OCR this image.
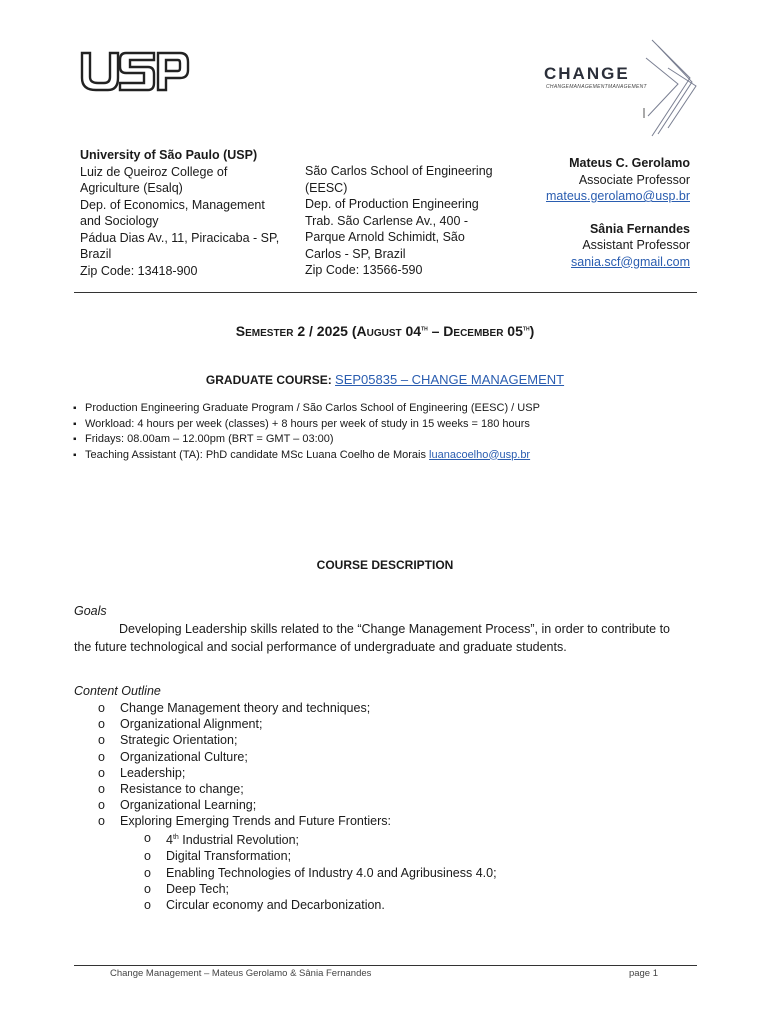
CHANGE
CHANGEMANAGEMENTMANAGEMENT
University of São Paulo (USP)
Luiz de Queiroz College of
Agriculture (Esalq)
Dep. of Economics, Management
and Sociology
Pádua Dias Av., 11, Piracicaba - SP,
Brazil
Zip Code: 13418-900
São Carlos School of Engineering
(EESC)
Dep. of Production Engineering
Trab. São Carlense Av., 400 -
Parque Arnold Schimidt, São
Carlos - SP, Brazil
Zip Code: 13566-590
Mateus C. Gerolamo
Associate Professor
mateus.gerolamo@usp.br
Sânia Fernandes
Assistant Professor
sania.scf@gmail.com
Semester 2 / 2025 (August 04th – December 05th)
GRADUATE COURSE: SEP05835 – CHANGE MANAGEMENT
▪ Production Engineering Graduate Program / São Carlos School of Engineering (EESC) / USP
▪ Workload: 4 hours per week (classes) + 8 hours per week of study in 15 weeks = 180 hours
▪ Fridays: 08.00am – 12.00pm (BRT = GMT – 03:00)
▪ Teaching Assistant (TA): PhD candidate MSc Luana Coelho de Morais luanacoelho@usp.br
COURSE DESCRIPTION
Goals
Developing Leadership skills related to the “Change Management Process”, in order to contribute to
the future technological and social performance of undergraduate and graduate students.
Content Outline
o Change Management theory and techniques;
o Organizational Alignment;
o Strategic Orientation;
o Organizational Culture;
o Leadership;
o Resistance to change;
o Organizational Learning;
o Exploring Emerging Trends and Future Frontiers:
o 4th Industrial Revolution;
o Digital Transformation;
o Enabling Technologies of Industry 4.0 and Agribusiness 4.0;
o Deep Tech;
o Circular economy and Decarbonization.
Change Management – Mateus Gerolamo & Sânia Fernandes	page 1
